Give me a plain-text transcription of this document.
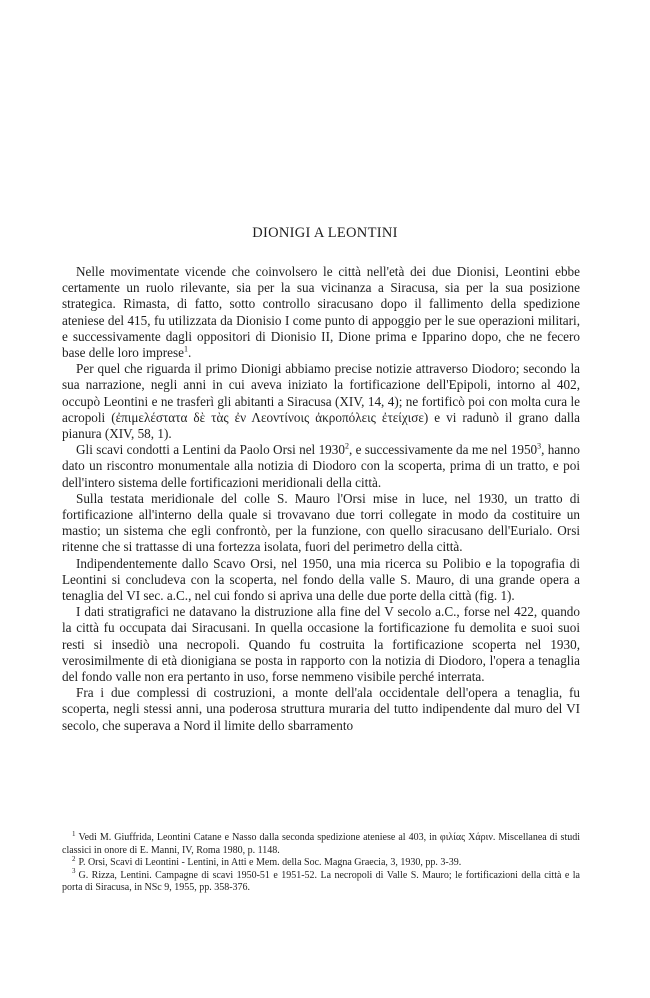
DIONIGI A LEONTINI

Nelle movimentate vicende che coinvolsero le città nell'età dei due Dionisi, Leontini ebbe certamente un ruolo rilevante, sia per la sua vicinanza a Siracusa, sia per la sua posizione strategica. Rimasta, di fatto, sotto controllo siracusano dopo il fallimento della spedizione ateniese del 415, fu utilizzata da Dionisio I come punto di appoggio per le sue operazioni militari, e successivamente dagli oppositori di Dionisio II, Dione prima e Ipparino dopo, che ne fecero base delle loro imprese$^1$.

Per quel che riguarda il primo Dionigi abbiamo precise notizie attraverso Diodoro; secondo la sua narrazione, negli anni in cui aveva iniziato la fortificazione dell'Epipoli, intorno al 402, occupò Leontini e ne trasferì gli abitanti a Siracusa (XIV, 14, 4); ne fortificò poi con molta cura le acropoli (ἐπιμελέστατα δὲ τὰς ἐν Λεοντίνοις ἀκροπόλεις ἐτείχισε) e vi radunò il grano dalla pianura (XIV, 58, 1).

Gli scavi condotti a Lentini da Paolo Orsi nel 1930$^2$, e successivamente da me nel 1950$^3$, hanno dato un riscontro monumentale alla notizia di Diodoro con la scoperta, prima di un tratto, e poi dell'intero sistema delle fortificazioni meridionali della città.

Sulla testata meridionale del colle S. Mauro l'Orsi mise in luce, nel 1930, un tratto di fortificazione all'interno della quale si trovavano due torri collegate in modo da costituire un mastio; un sistema che egli confrontò, per la funzione, con quello siracusano dell'Eurialo. Orsi ritenne che si trattasse di una fortezza isolata, fuori del perimetro della città.

Indipendentemente dallo Scavo Orsi, nel 1950, una mia ricerca su Polibio e la topografia di Leontini si concludeva con la scoperta, nel fondo della valle S. Mauro, di una grande opera a tenaglia del VI sec. a.C., nel cui fondo si apriva una delle due porte della città (fig. 1).

I dati stratigrafici ne datavano la distruzione alla fine del V secolo a.C., forse nel 422, quando la città fu occupata dai Siracusani. In quella occasione la fortificazione fu demolita e suoi suoi resti si insediò una necropoli. Quando fu costruita la fortificazione scoperta nel 1930, verosimilmente di età dionigiana se posta in rapporto con la notizia di Diodoro, l'opera a tenaglia del fondo valle non era pertanto in uso, forse nemmeno visibile perché interrata.

Fra i due complessi di costruzioni, a monte dell'ala occidentale dell'opera a tenaglia, fu scoperta, negli stessi anni, una poderosa struttura muraria del tutto indipendente dal muro del VI secolo, che superava a Nord il limite dello sbarramento

$^1$ Vedi M. Giuffrida, Leontini Catane e Nasso dalla seconda spedizione ateniese al 403, in φιλίας Χάριν. Miscellanea di studi classici in onore di E. Manni, IV, Roma 1980, p. 1148.

$^2$ P. Orsi, Scavi di Leontini - Lentini, in Atti e Mem. della Soc. Magna Graecia, 3, 1930, pp. 3-39.

$^3$ G. Rizza, Lentini. Campagne di scavi 1950-51 e 1951-52. La necropoli di Valle S. Mauro; le fortificazioni della città e la porta di Siracusa, in NSc 9, 1955, pp. 358-376.
